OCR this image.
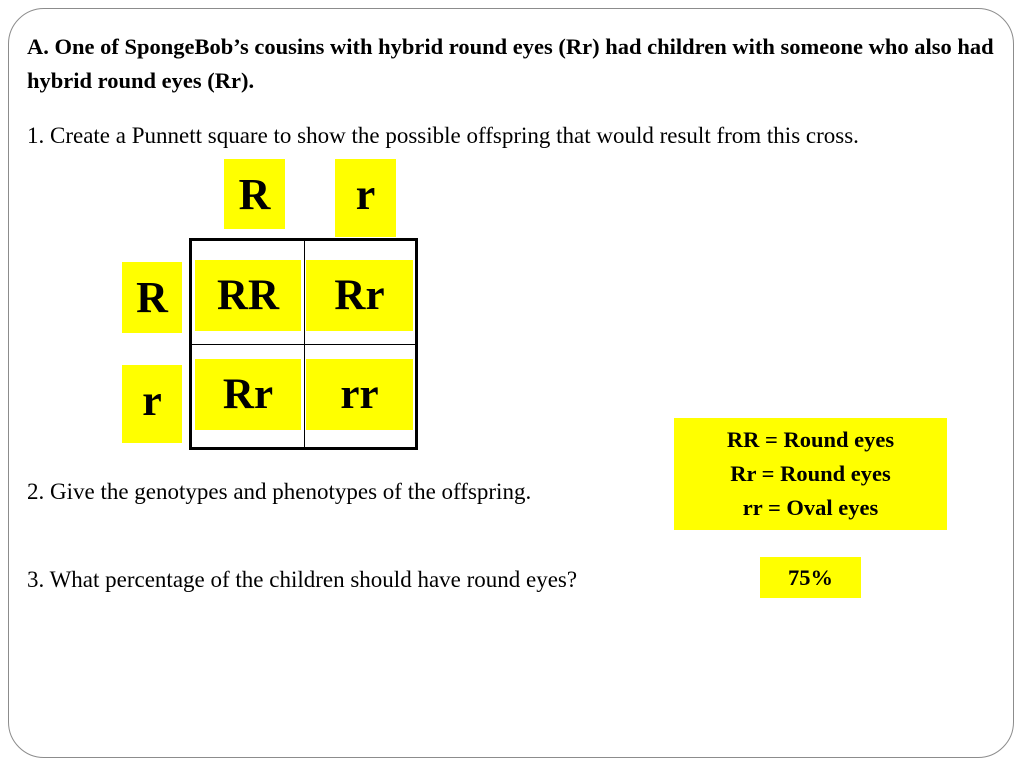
A. One of SpongeBob’s cousins with hybrid round eyes (Rr) had children with someone who also had hybrid round eyes (Rr).

1. Create a Punnett square to show the possible offspring that would result from this cross.

R	r
R
r
RR	Rr
Rr	rr
RR = Round eyes
Rr = Round eyes
rr = Oval eyes

2. Give the genotypes and phenotypes of the offspring.

3. What percentage of the children should have round eyes?	75%
